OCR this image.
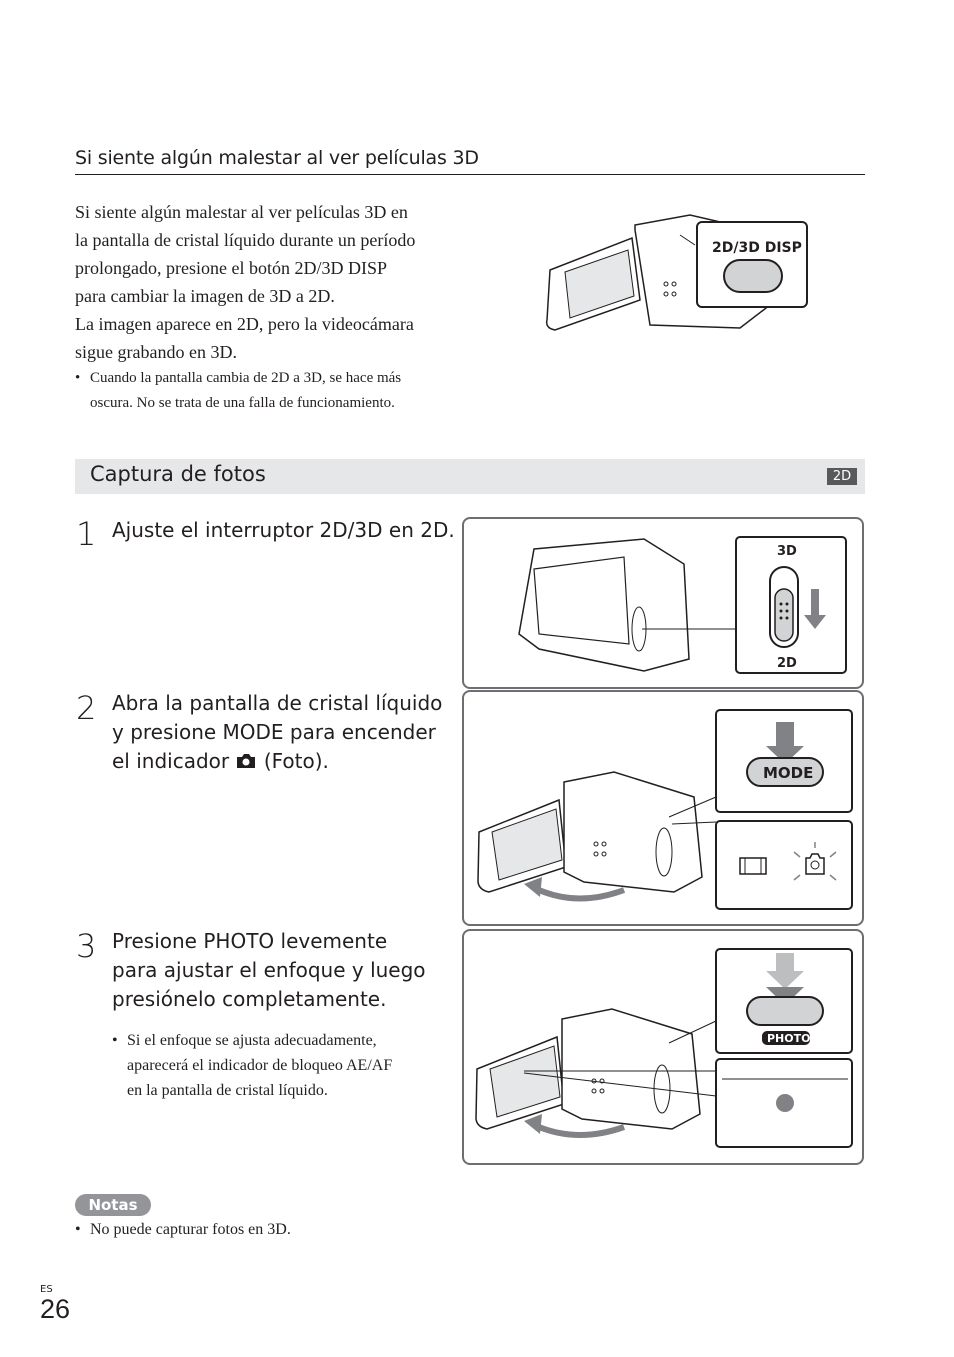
Si siente algún malestar al ver películas 3D

Si siente algún malestar al ver películas 3D en

la pantalla de cristal líquido durante un período

prolongado, presione el botón 2D/3D DISP

para cambiar la imagen de 3D a 2D.

La imagen aparece en 2D, pero la videocámara

sigue grabando en 3D.

• Cuando la pantalla cambia de 2D a 3D, se hace más
oscura. No se trata de una falla de funcionamiento.
2D/3D DISP
Captura de fotos	2D
1 Ajuste el interruptor 2D/3D en 2D.
3D
2D
2 Abra la pantalla de cristal líquido
y presione MODE para encender
el indicador (Foto).	MODE
3 Presione PHOTO levemente
para ajustar el enfoque y luego
presiónelo completamente.
• Si el enfoque se ajusta adecuadamente,
aparecerá el indicador de bloqueo AE/AF
en la pantalla de cristal líquido.
PHOTO
Notas
• No puede capturar fotos en 3D.
ES
26
